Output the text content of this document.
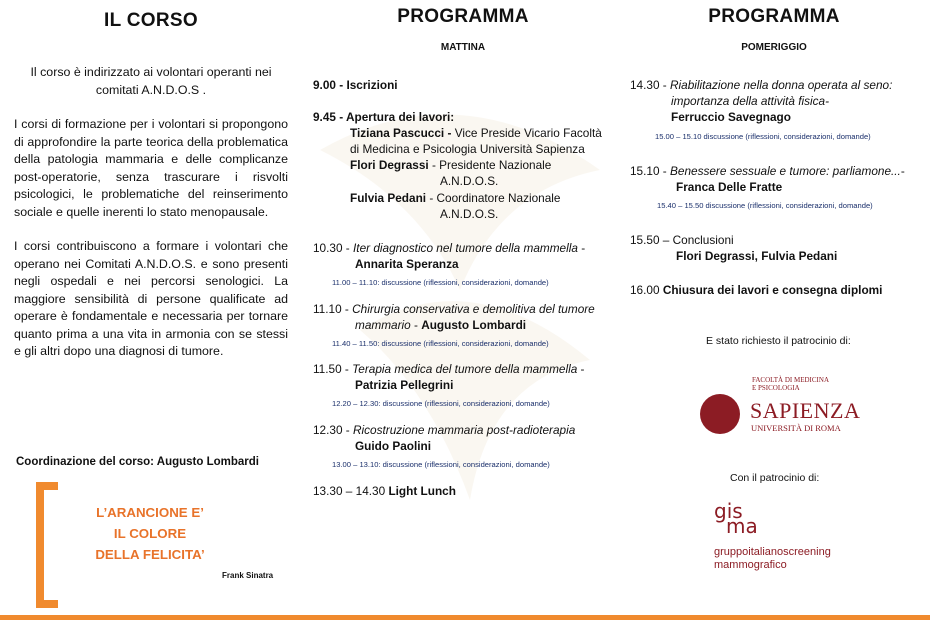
IL CORSO

Il corso è indirizzato ai volontari operanti nei comitati A.N.D.O.S .

I corsi di formazione per i volontari si propongono di approfondire la parte teorica della problematica della patologia mammaria e delle complicanze post-operatorie, senza trascurare i risvolti psicologici, le problematiche del reinserimento sociale e quelle inerenti lo stato menopausale.

I corsi contribuiscono a formare i volontari che operano nei Comitati A.N.D.O.S. e sono presenti negli ospedali e nei percorsi senologici. La maggiore sensibilità di persone qualificate ad operare è fondamentale e necessaria per tornare quanto prima a una vita in armonia con se stessi e gli altri dopo una diagnosi di tumore.

Coordinazione del corso: Augusto Lombardi
L’ARANCIONE E’
IL COLORE
DELLA FELICITA’
Frank Sinatra
PROGRAMMA
MATTINA
9.00 - Iscrizioni
9.45 - Apertura dei lavori:
Tiziana Pascucci - Vice Preside Vicario Facoltà
di Medicina e Psicologia Università Sapienza
Flori Degrassi - Presidente Nazionale
A.N.D.O.S.
Fulvia Pedani - Coordinatore Nazionale
A.N.D.O.S.
10.30 - Iter diagnostico nel tumore della mammella -
Annarita Speranza
11.00 – 11.10: discussione (riflessioni, considerazioni, domande)
11.10 - Chirurgia conservativa e demolitiva del tumore
mammario - Augusto Lombardi
11.40 – 11.50: discussione (riflessioni, considerazioni, domande)
11.50 - Terapia medica del tumore della mammella -
Patrizia Pellegrini
12.20 – 12.30: discussione (riflessioni, considerazioni, domande)
12.30 - Ricostruzione mammaria post-radioterapia
Guido Paolini
13.00 – 13.10: discussione (riflessioni, considerazioni, domande)
13.30 – 14.30 Light Lunch
PROGRAMMA
POMERIGGIO
14.30 - Riabilitazione nella donna operata al seno:
importanza della attività fisica-
Ferruccio Savegnago
15.00 – 15.10 discussione (riflessioni, considerazioni, domande)
15.10 - Benessere sessuale e tumore: parliamone...-
Franca Delle Fratte
15.40 – 15.50 discussione (riflessioni, considerazioni, domande)
15.50 – Conclusioni
Flori Degrassi, Fulvia Pedani
16.00 Chiusura dei lavori e consegna diplomi
E stato richiesto il patrocinio di:
FACOLTÀ DI MEDICINA
E PSICOLOGIA
SAPIENZA
UNIVERSITÀ DI ROMA
Con il patrocinio di:
gis
ma
gruppoitalianoscreening
mammografico
